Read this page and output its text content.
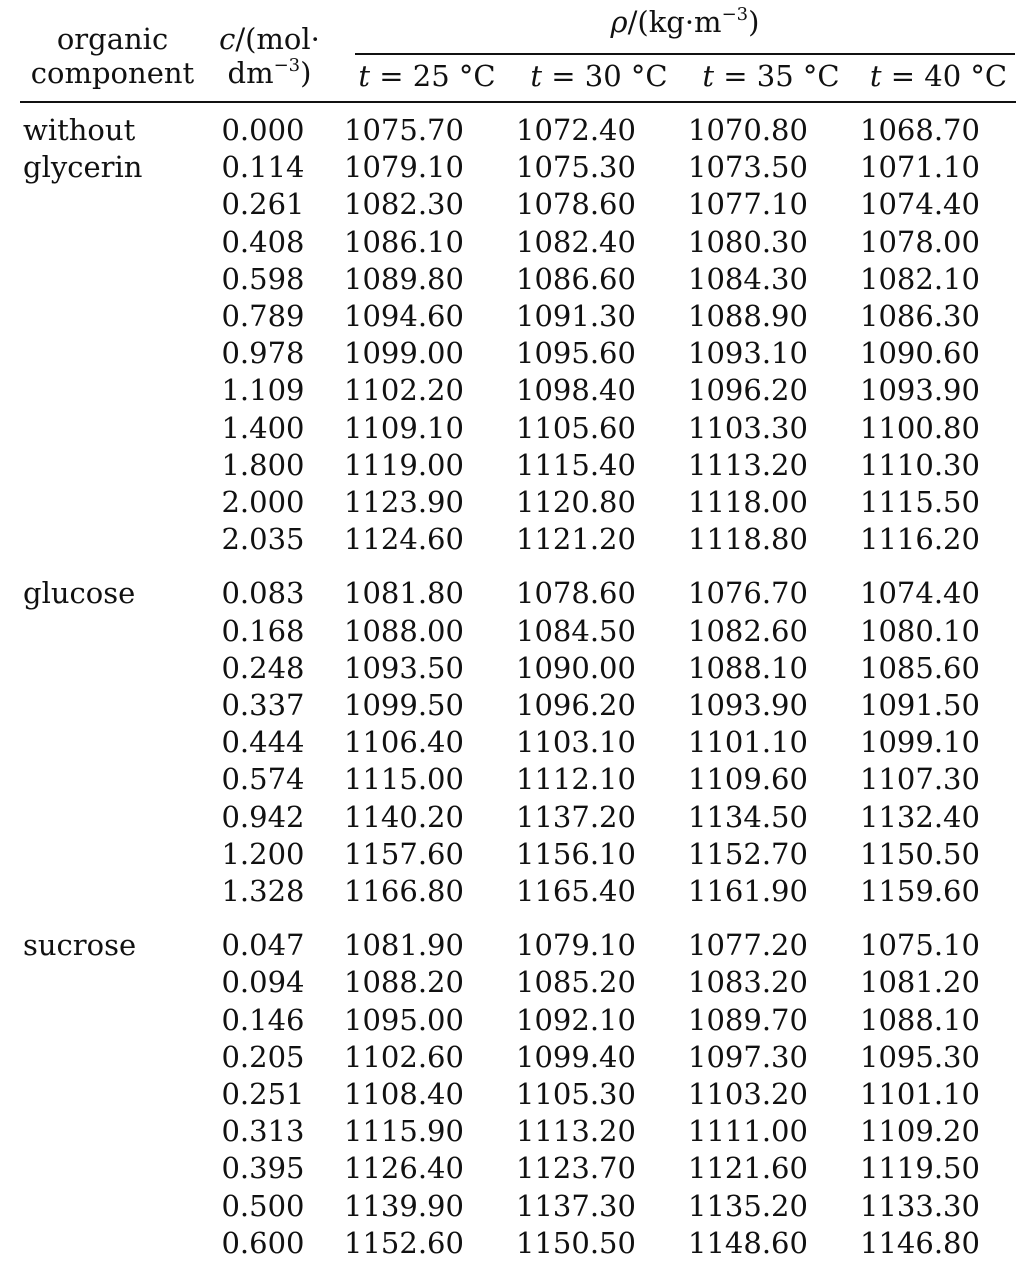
organic
component
c/(mol·
$dm^{-3}$)
$\rho/(kg\cdot m^{-3})$
t = 25 °C	t = 30 °C	t = 35 °C	t = 40 °C
without	0.000	1075.70	1072.40	1070.80	1068.70
glycerin	0.114	1079.10	1075.30	1073.50	1071.10
	0.261	1082.30	1078.60	1077.10	1074.40
	0.408	1086.10	1082.40	1080.30	1078.00
	0.598	1089.80	1086.60	1084.30	1082.10
	0.789	1094.60	1091.30	1088.90	1086.30
	0.978	1099.00	1095.60	1093.10	1090.60
	1.109	1102.20	1098.40	1096.20	1093.90
	1.400	1109.10	1105.60	1103.30	1100.80
	1.800	1119.00	1115.40	1113.20	1110.30
	2.000	1123.90	1120.80	1118.00	1115.50
	2.035	1124.60	1121.20	1118.80	1116.20

glucose	0.083	1081.80	1078.60	1076.70	1074.40
	0.168	1088.00	1084.50	1082.60	1080.10
	0.248	1093.50	1090.00	1088.10	1085.60
	0.337	1099.50	1096.20	1093.90	1091.50
	0.444	1106.40	1103.10	1101.10	1099.10
	0.574	1115.00	1112.10	1109.60	1107.30
	0.942	1140.20	1137.20	1134.50	1132.40
	1.200	1157.60	1156.10	1152.70	1150.50
	1.328	1166.80	1165.40	1161.90	1159.60

sucrose	0.047	1081.90	1079.10	1077.20	1075.10
	0.094	1088.20	1085.20	1083.20	1081.20
	0.146	1095.00	1092.10	1089.70	1088.10
	0.205	1102.60	1099.40	1097.30	1095.30
	0.251	1108.40	1105.30	1103.20	1101.10
	0.313	1115.90	1113.20	1111.00	1109.20
	0.395	1126.40	1123.70	1121.60	1119.50
	0.500	1139.90	1137.30	1135.20	1133.30
	0.600	1152.60	1150.50	1148.60	1146.80
